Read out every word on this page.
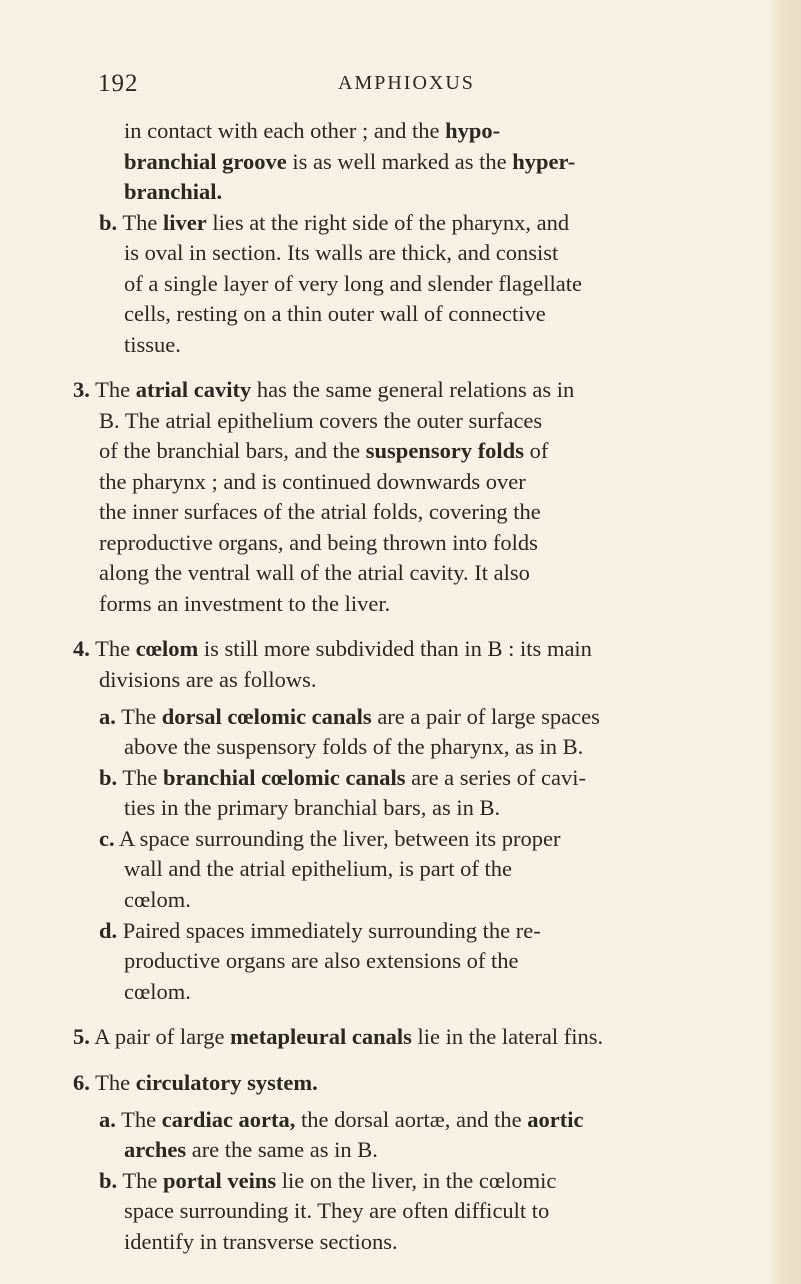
192	AMPHIOXUS
in contact with each other ; and the hypo-
branchial groove is as well marked as the hyper-
branchial.
b. The liver lies at the right side of the pharynx, and
is oval in section. Its walls are thick, and consist
of a single layer of very long and slender flagellate
cells, resting on a thin outer wall of connective
tissue.
3. The atrial cavity has the same general relations as in
B. The atrial epithelium covers the outer surfaces
of the branchial bars, and the suspensory folds of
the pharynx ; and is continued downwards over
the inner surfaces of the atrial folds, covering the
reproductive organs, and being thrown into folds
along the ventral wall of the atrial cavity. It also
forms an investment to the liver.
4. The cœlom is still more subdivided than in B : its main
divisions are as follows.
a. The dorsal cœlomic canals are a pair of large spaces
above the suspensory folds of the pharynx, as in B.
b. The branchial cœlomic canals are a series of cavi-
ties in the primary branchial bars, as in B.
c. A space surrounding the liver, between its proper
wall and the atrial epithelium, is part of the
cœlom.
d. Paired spaces immediately surrounding the re-
productive organs are also extensions of the
cœlom.
5. A pair of large metapleural canals lie in the lateral fins.
6. The circulatory system.
a. The cardiac aorta, the dorsal aortæ, and the aortic
arches are the same as in B.
b. The portal veins lie on the liver, in the cœlomic
space surrounding it. They are often difficult to
identify in transverse sections.
